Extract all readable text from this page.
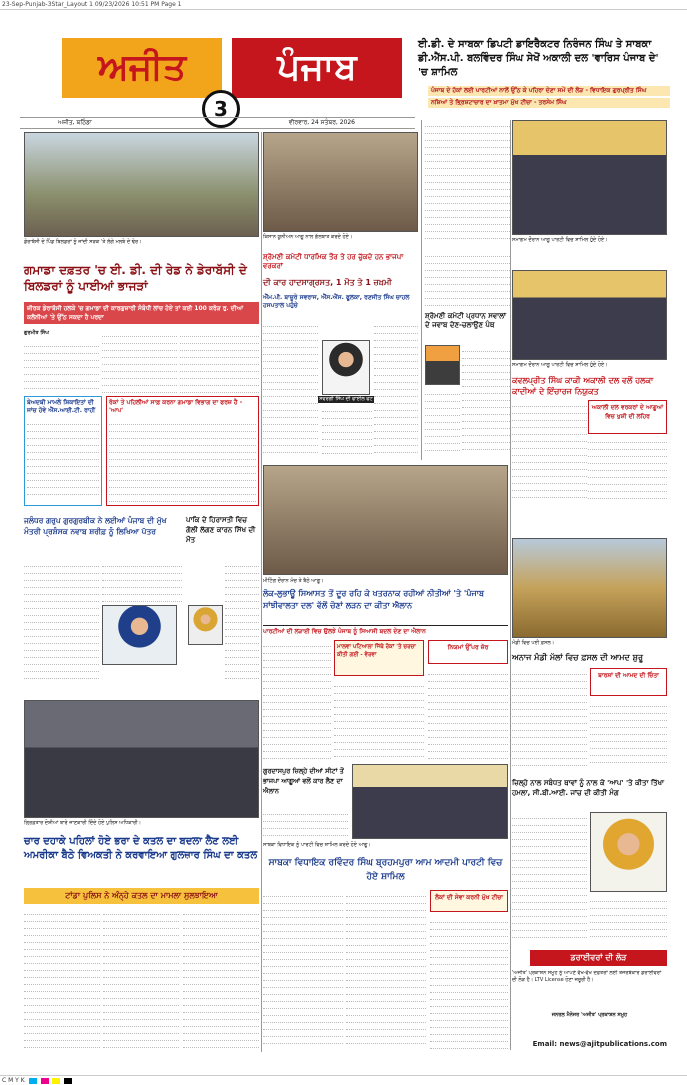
23-Sep-Punjab-3Star_Layout 1 09/23/2026 10:51 PM Page 1
ਅਜੀਤ	ਪੰਜਾਬ
3
ਈ.ਡੀ. ਦੇ ਸਾਬਕਾ ਡਿਪਟੀ ਡਾਇਰੈਕਟਰ ਨਿਰੰਜਨ ਸਿੰਘ ਤੇ ਸਾਬਕਾ ਡੀ.ਐੱਸ.ਪੀ. ਬਲਵਿੰਦਰ ਸਿੰਘ ਸੇਖੋਂ ਅਕਾਲੀ ਦਲ 'ਵਾਰਿਸ ਪੰਜਾਬ ਦੇ' 'ਚ ਸ਼ਾਮਿਲ
ਪੰਜਾਬ ਦੇ ਹੱਕਾਂ ਲਈ ਪਾਰਟੀਆਂ ਨਾਲੋਂ ਉੱਠ ਕੇ ਪਹਿਰਾ ਦੇਣਾ ਸਮੇਂ ਦੀ ਲੋੜ - ਵਿਧਾਇਕ ਗੁਰਪ੍ਰੀਤ ਸਿੰਘ
ਨਸ਼ਿਆਂ ਤੇ ਭ੍ਰਿਸ਼ਟਾਚਾਰ ਦਾ ਖ਼ਾਤਮਾ ਮੁੱਖ ਟੀਚਾ - ਤਰਸੇਮ ਸਿੰਘ
ਅਜੀਤ, ਬਠਿੰਡਾ	ਵੀਰਵਾਰ, 24 ਸਤੰਬਰ, 2026
ਡੇਰਾਬੱਸੀ ਦੇ ਪਿੰਡ ਬਿਲਡਰਾਂ ਨੂੰ ਜਾਂਦੀ ਸੜਕ 'ਤੇ ਲੱਗੇ ਮਲਬੇ ਦੇ ਢੇਰ।
ਕਿਸਾਨ ਯੂਨੀਅਨ ਆਗੂ ਨਾਲ ਗੱਲਬਾਤ ਕਰਦੇ ਹੋਏ।
ਸ਼੍ਰੋਮਣੀ ਕਮੇਟੀ ਧਾਰਮਿਕ ਤੌਰ ਤੇ ਹਰ ਚੁੱਕਦੇ ਹਨ ਭਾਜਪਾ ਵਰਕਰਾਂ
ਸਮਾਗਮ ਦੌਰਾਨ ਆਗੂ ਪਾਰਟੀ ਵਿਚ ਸ਼ਾਮਿਲ ਹੁੰਦੇ ਹੋਏ।
ਗਮਾਡਾ ਦਫ਼ਤਰ 'ਚ ਈ. ਡੀ. ਦੀ ਰੇਡ ਨੇ ਡੇਰਾਬੱਸੀ ਦੇ ਬਿਲਡਰਾਂ ਨੂੰ ਪਾਈਆਂ ਭਾਜੜਾਂ
ਜ਼ੀਰਕ ਡੇਰਾਬੱਸੀ ਹਲਕੇ 'ਚ ਗਮਾਡਾ ਦੀ ਕਾਰਗੁਜ਼ਾਰੀ ਸੰਬੰਧੀ ਲਾਂਚ ਹੋਏ ਤਾਂ ਕਈ 100 ਕਰੋੜ ਰੁ. ਦੀਆਂ ਕਲੋਨੀਆਂ 'ਤੇ ਉੱਠ ਸਕਦਾ ਹੈ ਪਰਦਾ
ਗੁਰਮੀਤ ਸਿੰਘ
ਬੇਅਦਬੀ ਮਾਮਲੇ ਸ਼ਿਕਾਇਤਾਂ ਦੀ ਜਾਂਚ ਹੋਵੇ ਐੱਸ.ਆਈ.ਟੀ. ਰਾਹੀਂ
ਰੋਕਾਂ ਤੇ ਪਹਿਲੀਆਂ ਸਾਫ਼ ਕਰਨਾ ਗਮਾਡਾ ਵਿਭਾਗ ਦਾ ਫਰਜ਼ ਹੈ - 'ਆਪ'
ਦੀ ਕਾਰ ਹਾਦਸਾਗ੍ਰਸਤ, 1 ਮੌਤ ਤੇ 1 ਜ਼ਖ਼ਮੀ
ਐੱਮ.ਪੀ. ਬਾਜ਼ੂਰੇ ਸਵਰਾਜ, ਐੱਸ.ਐੱਸ. ਫੂਲਕਾ, ਰਣਜੀਤ ਸਿੰਘ ਚਾਹਲ ਹਸਪਤਾਲ ਪਹੁੰਚੇ
ਸਵਰਗੀ ਸਿੰਘ ਦੀ ਫਾਈਲ ਫੋਟੋ
ਸ਼੍ਰੋਮਣੀ ਕਮੇਟੀ ਪ੍ਰਧਾਨ ਸਵਾਲਾਂ ਦੇ ਜਵਾਬ ਦੇਣ-ਚਲਾਉਣ ਪੰਥ
ਸਮਾਗਮ ਦੌਰਾਨ ਆਗੂ ਪਾਰਟੀ ਵਿਚ ਸ਼ਾਮਿਲ ਹੁੰਦੇ ਹੋਏ।
ਕਵਲਪ੍ਰੀਤ ਸਿੰਘ ਕਾਕੀ ਅਕਾਲੀ ਦਲ ਵਲੋਂ ਹਲਕਾ ਕਾਦੀਆਂ ਦੇ ਇੰਚਾਰਜ ਨਿਯੁਕਤ
ਅਕਾਲੀ ਦਲ ਵਰਕਰਾਂ ਦੇ ਆਗੂਆਂ ਵਿਚ ਖੁਸ਼ੀ ਦੀ ਲਹਿਰ
ਮੀਟਿੰਗ ਦੌਰਾਨ ਮੰਚ ਤੇ ਬੈਠੇ ਆਗੂ।
ਜਲੰਧਰ ਗਰੁਪ ਗੁਰਗੁਰਬੀਕ ਨੇ ਲਈਆਂ ਪੰਜਾਬ ਦੀ ਮੁੱਖ ਮੰਤਰੀ ਪ੍ਰਸ਼ੰਸਕ ਨਵਾਬ ਸ਼ਰੀਫ਼ ਨੂੰ ਲਿਖਿਆ ਪੱਤਰ
ਪਾਕਿ ਦੇ ਹਿਰਾਸਤੀ ਵਿਚ ਗੋਲੀ ਲੱਗਣ ਕਾਰਨ ਸਿੱਖ ਦੀ ਮੌਤ
ਲੋਕ-ਲੁਭਾਊ ਸਿਆਸਤ ਤੋਂ ਦੂਰ ਰਹਿ ਕੇ ਖਤਰਨਾਕ ਰਹੀਆਂ ਨੀਤੀਆਂ 'ਤੇ 'ਪੰਜਾਬ ਸਾਂਝੀਵਾਲਤਾ ਦਲ' ਵੱਲੋਂ ਚੋਣਾਂ ਲੜਨ ਦਾ ਕੀਤਾ ਐਲਾਨ
ਪਾਰਟੀਆਂ ਦੀ ਲੜਾਈ ਵਿਚ ਉਲਝੇ ਪੰਜਾਬ ਨੂੰ ਸਿਆਸੀ ਬਦਲ ਦੇਣ ਦਾ ਐਲਾਨ
ਮਾਲਵਾ ਪਟਿਆਲਾ ਜਿੱਥੇ ਰੋਕਾਂ 'ਤੇ ਚਰਚਾ ਕੀਤੀ ਗਈ - ਵੇਰਵਾ
ਨਿਯਮਾਂ ਉੱਪਰ ਜ਼ੋਰ
ਮੰਡੀ ਵਿਚ ਪਈ ਫ਼ਸਲ।
ਅਨਾਜ ਮੰਡੀ ਮੱਲਾਂ ਵਿਚ ਫ਼ਸਲ ਦੀ ਆਮਦ ਸ਼ੁਰੂ
ਬਾਰਸ਼ਾਂ ਦੀ ਆਮਦ ਦੀ ਚਿੰਤਾ
ਜ਼ਿਲ੍ਹੇ ਨਾਲ ਸਬੰਧਤ ਥਾਵਾਂ ਨੂੰ ਨਾਲ ਕੇ 'ਆਪ' 'ਤੇ ਕੀਤਾ ਤਿੱਖਾ ਹਮਲਾ, ਸੀ.ਬੀ.ਆਈ. ਜਾਂਚ ਦੀ ਕੀਤੀ ਮੰਗ
ਡਰਾਈਵਰਾਂ ਦੀ ਲੋੜ
'ਅਜੀਤ' ਪ੍ਰਕਾਸ਼ਨ ਸਮੂਹ ਨੂੰ ਆਪਣੇ ਵੱਖ-ਵੱਖ ਦਫ਼ਤਰਾਂ ਲਈ ਤਜਰਬੇਕਾਰ ਡਰਾਈਵਰਾਂ ਦੀ ਲੋੜ ਹੈ। LTV License ਹੋਣਾ ਜ਼ਰੂਰੀ ਹੈ।
ਜਨਰਲ ਮੈਨੇਜਰ 'ਅਜੀਤ' ਪ੍ਰਕਾਸ਼ਨ ਸਮੂਹ
Email: news@ajitpublications.com
ਗ੍ਰਿਫ਼ਤਾਰ ਦੋਸ਼ੀਆਂ ਬਾਰੇ ਜਾਣਕਾਰੀ ਦਿੰਦੇ ਹੋਏ ਪੁਲਿਸ ਅਧਿਕਾਰੀ।
ਚਾਰ ਦਹਾਕੇ ਪਹਿਲਾਂ ਹੋਏ ਭਰਾ ਦੇ ਕਤਲ ਦਾ ਬਦਲਾ ਲੈਣ ਲਈ ਅਮਰੀਕਾ ਬੈਠੇ ਵਿਅਕਤੀ ਨੇ ਕਰਵਾਇਆ ਗੁਲਜ਼ਾਰ ਸਿੰਘ ਦਾ ਕਤਲ
ਟਾਂਡਾ ਪੁਲਿਸ ਨੇ ਅੰਨ੍ਹੇ ਕਤਲ ਦਾ ਮਾਮਲਾ ਸੁਲਝਾਇਆ
ਗੁਰਦਾਸਪੁਰ ਜ਼ਿਲ੍ਹੇ ਦੀਆਂ ਸੀਟਾਂ ਤੋਂ ਭਾਜਪਾ ਆਗੂਆਂ ਵਲੋਂ ਕਾਰ ਲੈਣ ਦਾ ਐਲਾਨ
ਸਾਬਕਾ ਵਿਧਾਇਕ ਨੂੰ ਪਾਰਟੀ ਵਿਚ ਸ਼ਾਮਿਲ ਕਰਦੇ ਹੋਏ ਆਗੂ।
ਸਾਬਕਾ ਵਿਧਾਇਕ ਰਵਿੰਦਰ ਸਿੰਘ ਬ੍ਰਹਮਪੁਰਾ ਆਮ ਆਦਮੀ ਪਾਰਟੀ ਵਿਚ ਹੋਏ ਸ਼ਾਮਿਲ
ਲੋਕਾਂ ਦੀ ਸੇਵਾ ਕਰਨੀ ਮੁੱਖ ਟੀਚਾ
C M Y K
